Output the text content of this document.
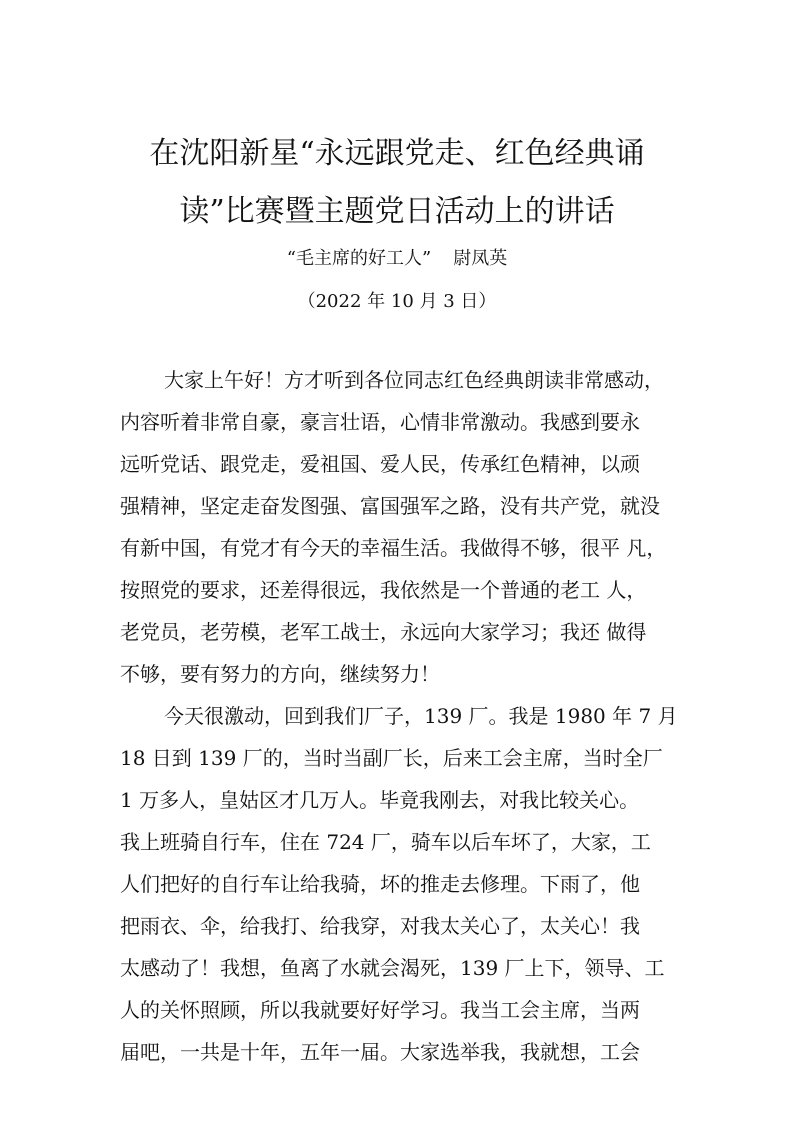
在沈阳新星“永远跟党走、红色经典诵
读”比赛暨主题党日活动上的讲话
“毛主席的好工人” 尉凤英
（2022 年 10 月 3 日）
大家上午好！方才听到各位同志红色经典朗读非常感动，
内容听着非常自豪，豪言壮语，心情非常激动。我感到要永
远听党话、跟党走，爱祖国、爱人民，传承红色精神，以顽
强精神，坚定走奋发图强、富国强军之路，没有共产党，就没
有新中国，有党才有今天的幸福生活。我做得不够，很平 凡，
按照党的要求，还差得很远，我依然是一个普通的老工 人，
老党员，老劳模，老军工战士，永远向大家学习；我还 做得
不够，要有努力的方向，继续努力！
今天很激动，回到我们厂子，139 厂。我是 1980 年 7 月
18 日到 139 厂的，当时当副厂长，后来工会主席，当时全厂
1 万多人，皇姑区才几万人。毕竟我刚去，对我比较关心。
我上班骑自行车，住在 724 厂，骑车以后车坏了，大家，工
人们把好的自行车让给我骑，坏的推走去修理。下雨了，他
把雨衣、伞，给我打、给我穿，对我太关心了，太关心！我
太感动了！我想，鱼离了水就会渴死，139 厂上下，领导、工
人的关怀照顾，所以我就要好好学习。我当工会主席，当两
届吧，一共是十年，五年一届。大家选举我，我就想，工会
